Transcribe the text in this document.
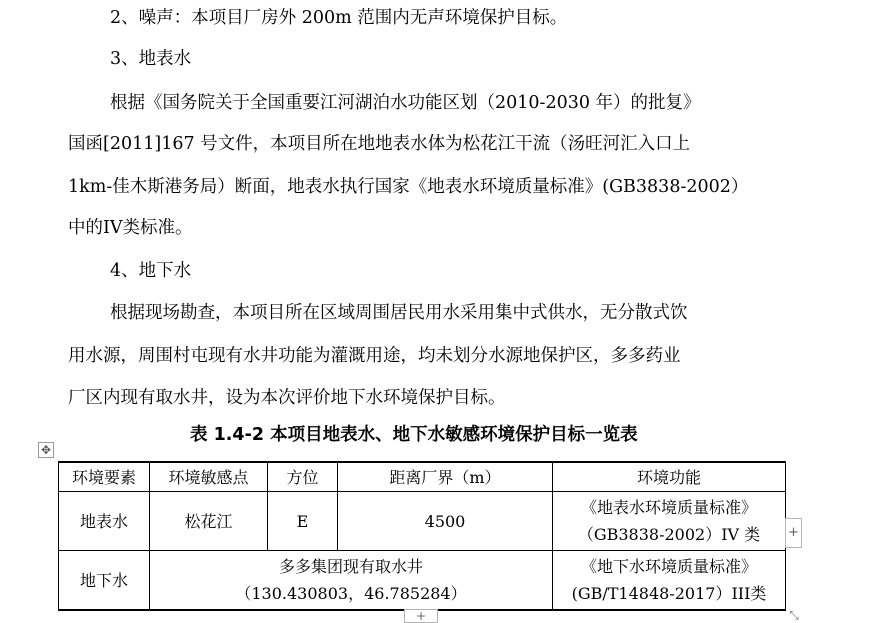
2、噪声：本项目厂房外 200m 范围内无声环境保护目标。
3、地表水
根据《国务院关于全国重要江河湖泊水功能区划（2010-2030 年）的批复》
国函[2011]167 号文件，本项目所在地地表水体为松花江干流（汤旺河汇入口上
1km-佳木斯港务局）断面，地表水执行国家《地表水环境质量标准》(GB3838-2002）
中的IV类标准。
4、地下水
根据现场勘查，本项目所在区域周围居民用水采用集中式供水，无分散式饮
用水源，周围村屯现有水井功能为灌溉用途，均未划分水源地保护区，多多药业
厂区内现有取水井，设为本次评价地下水环境保护目标。
表 1.4-2 本项目地表水、地下水敏感环境保护目标一览表
✥
环境要素	环境敏感点	方位	距离厂界（m）	环境功能
地表水	松花江	E	4500	《地表水环境质量标准》
（GB3838-2002）IV 类

地下水	多多集团现有取水井
（130.430803，46.785284）			《地下水环境质量标准》
(GB/T14848-2017）III类
+
+	⤡
